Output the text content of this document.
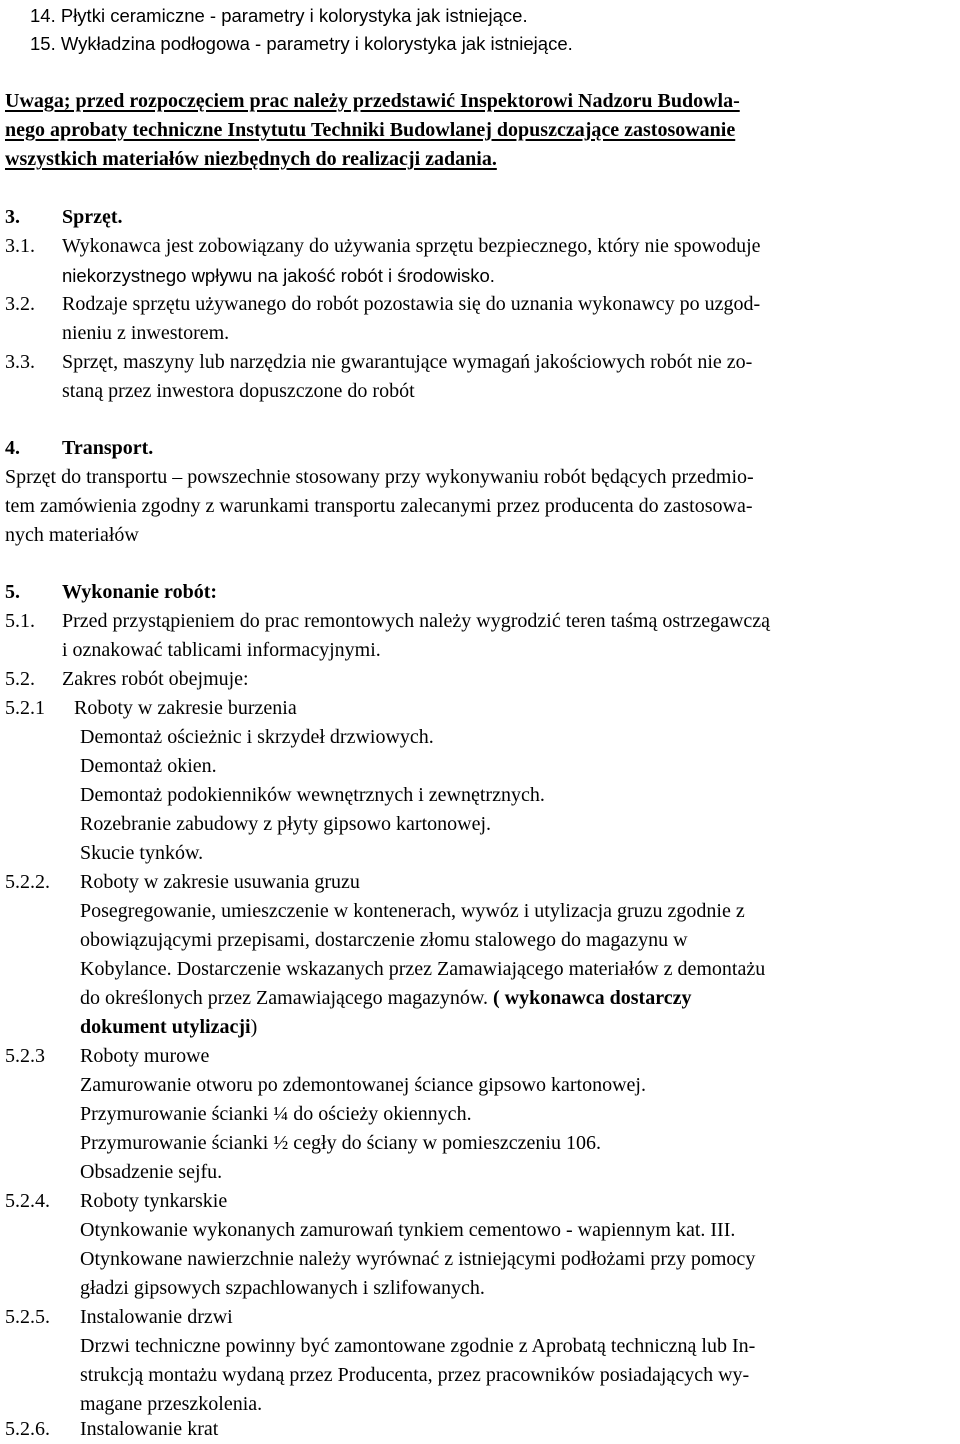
14. Płytki ceramiczne - parametry i kolorystyka jak istniejące.
15. Wykładzina podłogowa - parametry i kolorystyka jak istniejące.
Uwaga; przed rozpoczęciem prac należy przedstawić Inspektorowi Nadzoru Budowla-
nego aprobaty techniczne Instytutu Techniki Budowlanej dopuszczające zastosowanie
wszystkich materiałów niezbędnych do realizacji zadania.
3. Sprzęt.
3.1. Wykonawca jest zobowiązany do używania sprzętu bezpiecznego, który nie spowoduje
niekorzystnego wpływu na jakość robót i środowisko.
3.2. Rodzaje sprzętu używanego do robót pozostawia się do uznania wykonawcy po uzgod-
nieniu z inwestorem.
3.3. Sprzęt, maszyny lub narzędzia nie gwarantujące wymagań jakościowych robót nie zo-
staną przez inwestora dopuszczone do robót
4. Transport.
Sprzęt do transportu – powszechnie stosowany przy wykonywaniu robót będących przedmio-
tem zamówienia zgodny z warunkami transportu zalecanymi przez producenta do zastosowa-
nych materiałów
5. Wykonanie robót:
5.1. Przed przystąpieniem do prac remontowych należy wygrodzić teren taśmą ostrzegawczą
i oznakować tablicami informacyjnymi.
5.2. Zakres robót obejmuje:
5.2.1 Roboty w zakresie burzenia
Demontaż ościeżnic i skrzydeł drzwiowych.
Demontaż okien.
Demontaż podokienników wewnętrznych i zewnętrznych.
Rozebranie zabudowy z płyty gipsowo kartonowej.
Skucie tynków.
5.2.2. Roboty w zakresie usuwania gruzu
Posegregowanie, umieszczenie w kontenerach, wywóz i utylizacja gruzu zgodnie z
obowiązującymi przepisami, dostarczenie złomu stalowego do magazynu w
Kobylance. Dostarczenie wskazanych przez Zamawiającego materiałów z demontażu
do określonych przez Zamawiającego magazynów. ( wykonawca dostarczy
dokument utylizacji)
5.2.3 Roboty murowe
Zamurowanie otworu po zdemontowanej ściance gipsowo kartonowej.
Przymurowanie ścianki ¼ do ościeży okiennych.
Przymurowanie ścianki ½ cegły do ściany w pomieszczeniu 106.
Obsadzenie sejfu.
5.2.4. Roboty tynkarskie
Otynkowanie wykonanych zamurowań tynkiem cementowo - wapiennym kat. III.
Otynkowane nawierzchnie należy wyrównać z istniejącymi podłożami przy pomocy
gładzi gipsowych szpachlowanych i szlifowanych.
5.2.5. Instalowanie drzwi
Drzwi techniczne powinny być zamontowane zgodnie z Aprobatą techniczną lub In-
strukcją montażu wydaną przez Producenta, przez pracowników posiadających wy-
magane przeszkolenia.
5.2.6. Instalowanie krat
